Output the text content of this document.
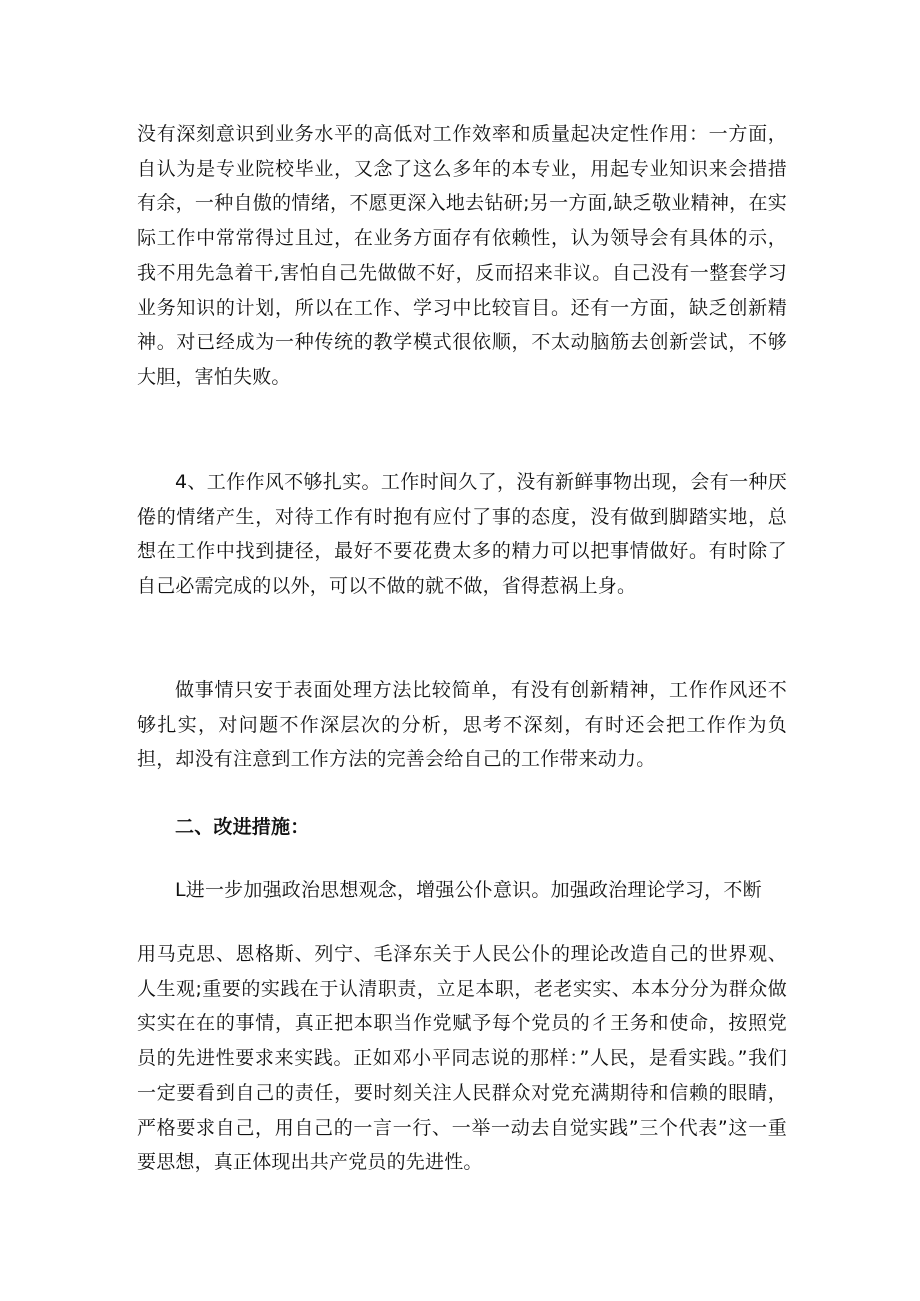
没有深刻意识到业务水平的高低对工作效率和质量起决定性作用：一方面，自认为是专业院校毕业，又念了这么多年的本专业，用起专业知识来会措措有余，一种自傲的情绪，不愿更深入地去钻研;另一方面,缺乏敬业精神，在实际工作中常常得过且过，在业务方面存有依赖性，认为领导会有具体的示，我不用先急着干,害怕自己先做做不好，反而招来非议。自己没有一整套学习业务知识的计划，所以在工作、学习中比较盲目。还有一方面，缺乏创新精神。对已经成为一种传统的教学模式很依顺，不太动脑筋去创新尝试，不够大胆，害怕失败。

4、工作作风不够扎实。工作时间久了，没有新鲜事物出现，会有一种厌倦的情绪产生，对待工作有时抱有应付了事的态度，没有做到脚踏实地，总想在工作中找到捷径，最好不要花费太多的精力可以把事情做好。有时除了自己必需完成的以外，可以不做的就不做，省得惹祸上身。

做事情只安于表面处理方法比较简单，有没有创新精神，工作作风还不够扎实，对问题不作深层次的分析，思考不深刻，有时还会把工作作为负担，却没有注意到工作方法的完善会给自己的工作带来动力。

二、改进措施：

L进一步加强政治思想观念，增强公仆意识。加强政治理论学习，不断

用马克思、恩格斯、列宁、毛泽东关于人民公仆的理论改造自己的世界观、人生观;重要的实践在于认清职责，立足本职，老老实实、本本分分为群众做实实在在的事情，真正把本职当作党赋予每个党员的彳王务和使命，按照党员的先进性要求来实践。正如邓小平同志说的那样：”人民，是看实践。”我们一定要看到自己的责任，要时刻关注人民群众对党充满期待和信赖的眼睛，严格要求自己，用自己的一言一行、一举一动去自觉实践”三个代表”这一重要思想，真正体现出共产党员的先进性。
